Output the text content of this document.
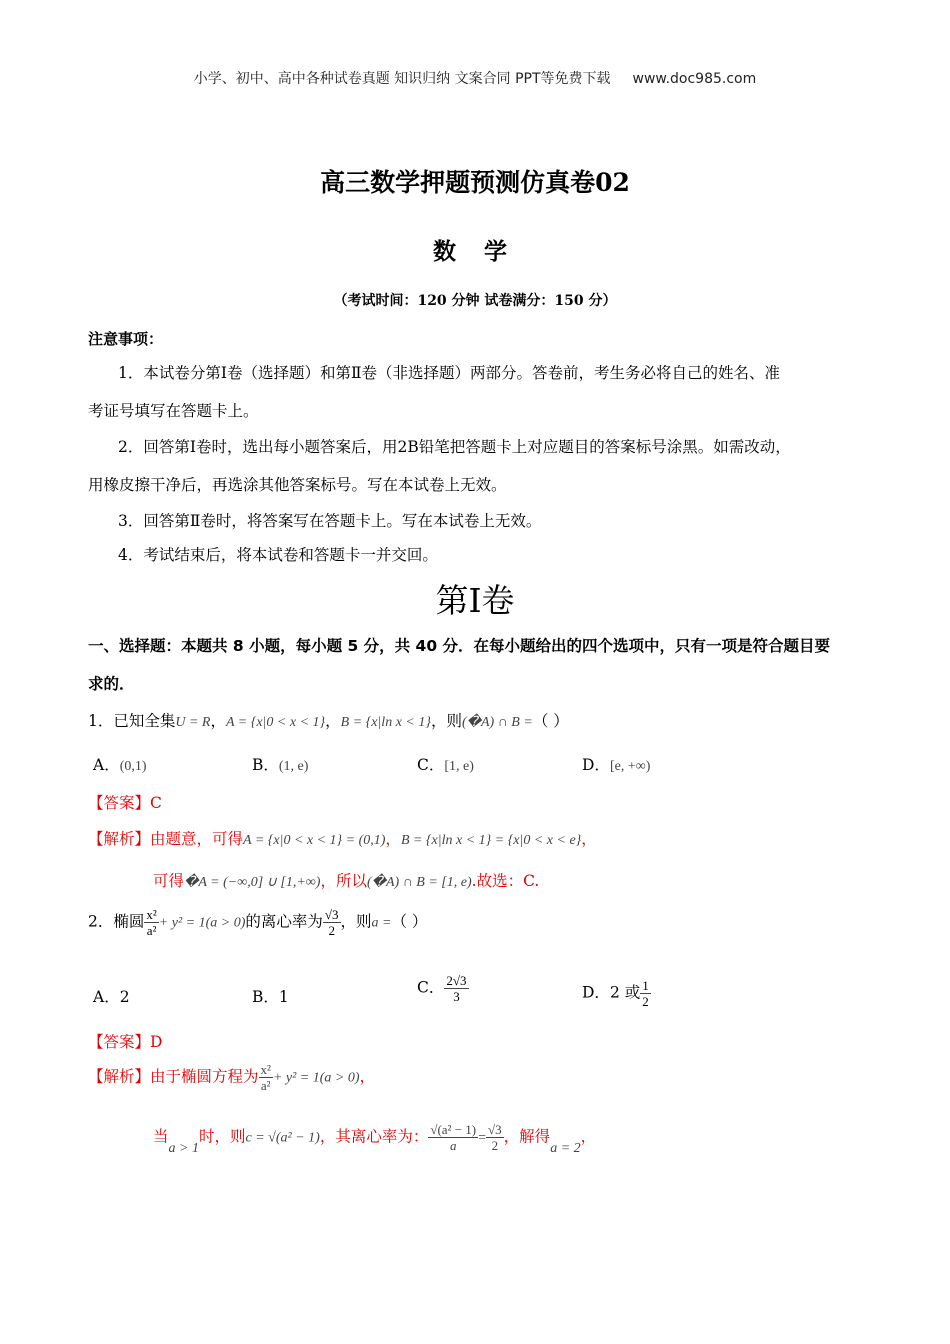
小学、初中、高中各种试卷真题 知识归纳 文案合同 PPT等免费下载 www.doc985.com
高三数学押题预测仿真卷02
数 学
（考试时间：120 分钟 试卷满分：150 分）
注意事项：
1．本试卷分第Ⅰ卷（选择题）和第Ⅱ卷（非选择题）两部分。答卷前，考生务必将自己的姓名、准
考证号填写在答题卡上。
2．回答第Ⅰ卷时，选出每小题答案后，用2B铅笔把答题卡上对应题目的答案标号涂黑。如需改动，
用橡皮擦干净后，再选涂其他答案标号。写在本试卷上无效。
3．回答第Ⅱ卷时，将答案写在答题卡上。写在本试卷上无效。
4．考试结束后，将本试卷和答题卡一并交回。
第Ⅰ卷
一、选择题：本题共 8 小题，每小题 5 分，共 40 分．在每小题给出的四个选项中，只有一项是符合题目要
求的．
1．已知全集U = R，A = {x|0 < x < 1}，B = {x|ln x < 1}，则(�A) ∩ B =（ ）
A．(0,1)	B．(1, e)	C．[1, e)	D．[e, +∞)
【答案】C
【解析】由题意，可得A = {x|0 < x < 1} = (0,1)，B = {x|ln x < 1} = {x|0 < x < e}，
可得�A = (−∞,0] ∪ [1,+∞)，所以(�A) ∩ B = [1, e).故选：C.
2．椭圆 $\frac{\text{x²}}{\text{a²}} + y^2 = 1(a > 0)$的离心率为 $\frac{√3}{2}$ ，则a =（ ）
A．2	B．1
C． $\frac{2√3}{3}$	D．2 或 $\frac{1}{2}$
【答案】D
【解析】由于椭圆方程为 $\frac{\text{x²}}{\text{a²}} + y^2 = 1(a > 0)$，
当a > 1时，则c = √(a² − 1)，其离心率为： $\frac{\text{√(a² − 1)}}{a} = \frac{√3}{2}$ ，解得a = 2，
